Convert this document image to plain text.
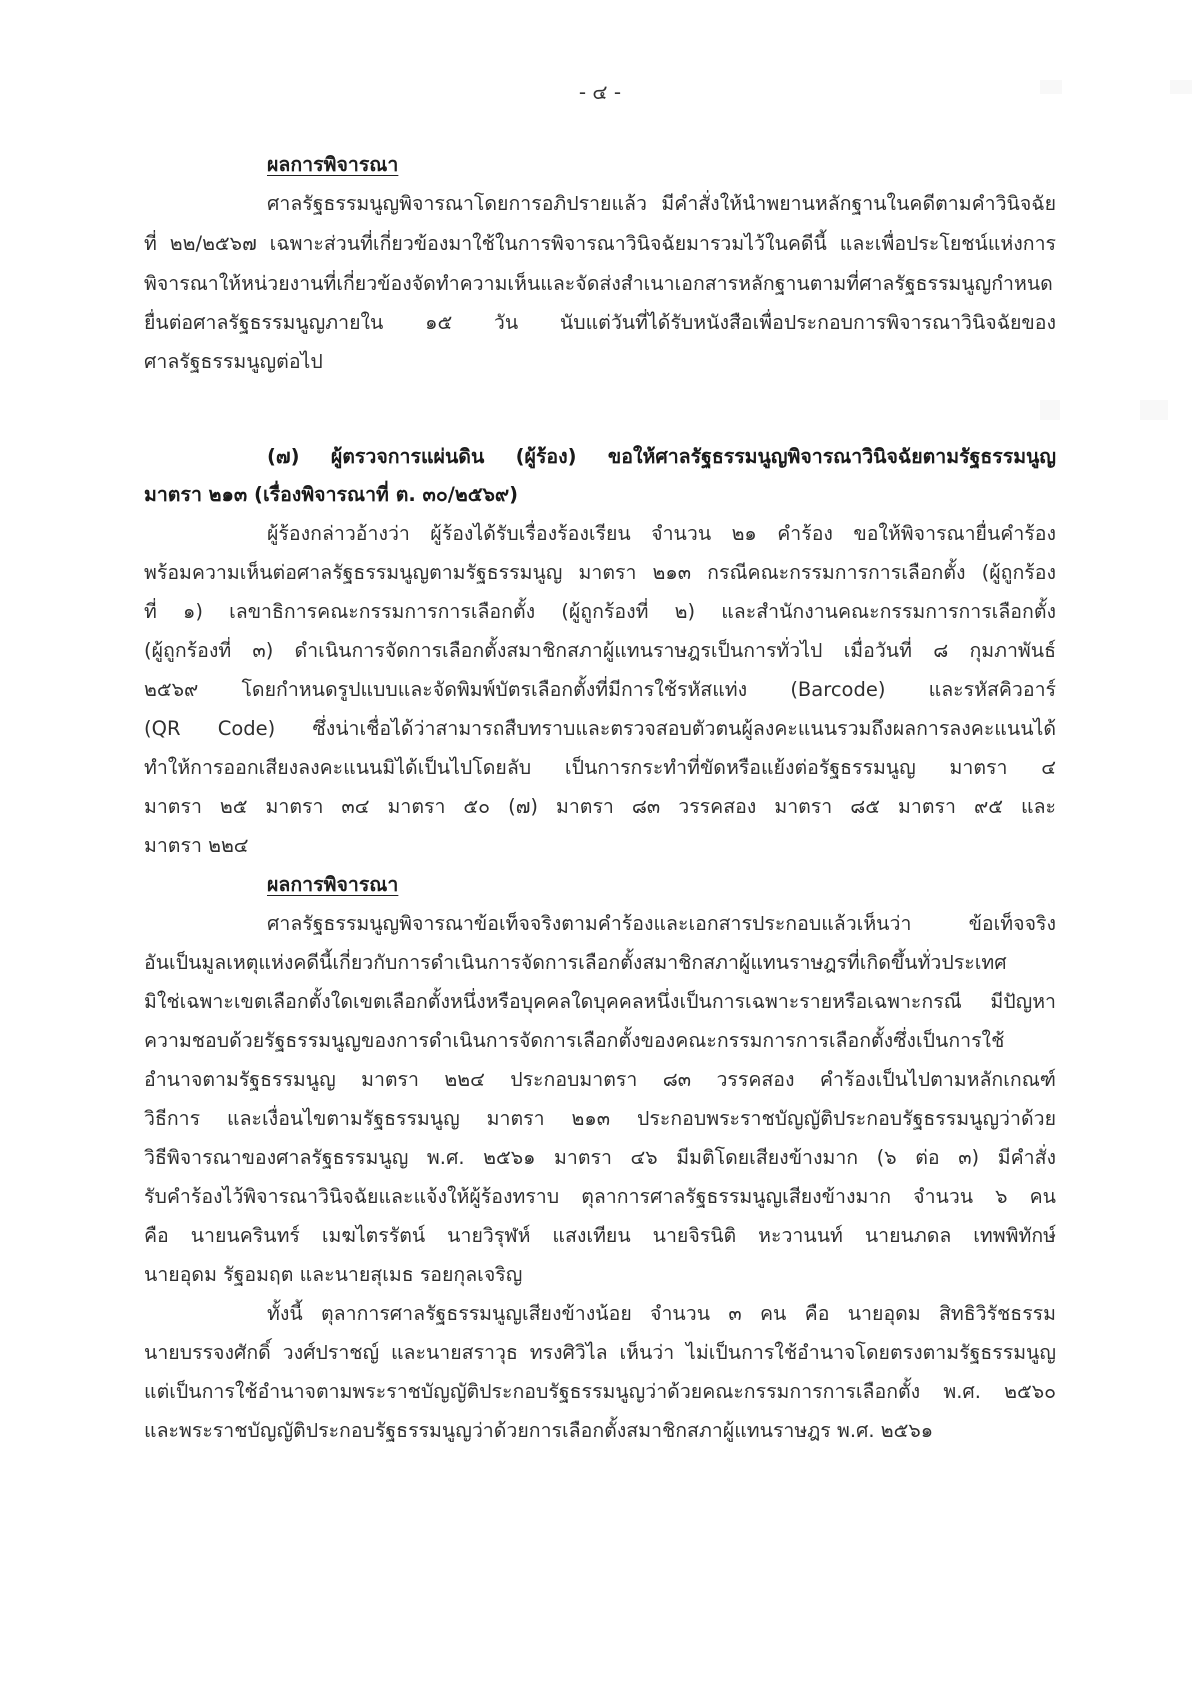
- ๔ -
ผลการพิจารณา
ศาลรัฐธรรมนูญพิจารณาโดยการอภิปรายแล้ว มีคำสั่งให้นำพยานหลักฐานในคดีตามคำวินิจฉัย
ที่ ๒๒/๒๕๖๗ เฉพาะส่วนที่เกี่ยวข้องมาใช้ในการพิจารณาวินิจฉัยมารวมไว้ในคดีนี้ และเพื่อประโยชน์แห่งการ
พิจารณาให้หน่วยงานที่เกี่ยวข้องจัดทำความเห็นและจัดส่งสำเนาเอกสารหลักฐานตามที่ศาลรัฐธรรมนูญกำหนด
ยื่นต่อศาลรัฐธรรมนูญภายใน ๑๕ วัน นับแต่วันที่ได้รับหนังสือเพื่อประกอบการพิจารณาวินิจฉัยของ
ศาลรัฐธรรมนูญต่อไป
(๗) ผู้ตรวจการแผ่นดิน (ผู้ร้อง) ขอให้ศาลรัฐธรรมนูญพิจารณาวินิจฉัยตามรัฐธรรมนูญ
มาตรา ๒๑๓ (เรื่องพิจารณาที่ ต. ๓๐/๒๕๖๙)
ผู้ร้องกล่าวอ้างว่า ผู้ร้องได้รับเรื่องร้องเรียน จำนวน ๒๑ คำร้อง ขอให้พิจารณายื่นคำร้อง
พร้อมความเห็นต่อศาลรัฐธรรมนูญตามรัฐธรรมนูญ มาตรา ๒๑๓ กรณีคณะกรรมการการเลือกตั้ง (ผู้ถูกร้อง
ที่ ๑) เลขาธิการคณะกรรมการการเลือกตั้ง (ผู้ถูกร้องที่ ๒) และสำนักงานคณะกรรมการการเลือกตั้ง
(ผู้ถูกร้องที่ ๓) ดำเนินการจัดการเลือกตั้งสมาชิกสภาผู้แทนราษฎรเป็นการทั่วไป เมื่อวันที่ ๘ กุมภาพันธ์
๒๕๖๙ โดยกำหนดรูปแบบและจัดพิมพ์บัตรเลือกตั้งที่มีการใช้รหัสแท่ง (Barcode) และรหัสคิวอาร์
(QR Code) ซึ่งน่าเชื่อได้ว่าสามารถสืบทราบและตรวจสอบตัวตนผู้ลงคะแนนรวมถึงผลการลงคะแนนได้
ทำให้การออกเสียงลงคะแนนมิได้เป็นไปโดยลับ เป็นการกระทำที่ขัดหรือแย้งต่อรัฐธรรมนูญ มาตรา ๔
มาตรา ๒๕ มาตรา ๓๔ มาตรา ๕๐ (๗) มาตรา ๘๓ วรรคสอง มาตรา ๘๕ มาตรา ๙๕ และ
มาตรา ๒๒๔
ผลการพิจารณา
ศาลรัฐธรรมนูญพิจารณาข้อเท็จจริงตามคำร้องและเอกสารประกอบแล้วเห็นว่า ข้อเท็จจริง
อันเป็นมูลเหตุแห่งคดีนี้เกี่ยวกับการดำเนินการจัดการเลือกตั้งสมาชิกสภาผู้แทนราษฎรที่เกิดขึ้นทั่วประเทศ
มิใช่เฉพาะเขตเลือกตั้งใดเขตเลือกตั้งหนึ่งหรือบุคคลใดบุคคลหนึ่งเป็นการเฉพาะรายหรือเฉพาะกรณี มีปัญหา
ความชอบด้วยรัฐธรรมนูญของการดำเนินการจัดการเลือกตั้งของคณะกรรมการการเลือกตั้งซึ่งเป็นการใช้
อำนาจตามรัฐธรรมนูญ มาตรา ๒๒๔ ประกอบมาตรา ๘๓ วรรคสอง คำร้องเป็นไปตามหลักเกณฑ์
วิธีการ และเงื่อนไขตามรัฐธรรมนูญ มาตรา ๒๑๓ ประกอบพระราชบัญญัติประกอบรัฐธรรมนูญว่าด้วย
วิธีพิจารณาของศาลรัฐธรรมนูญ พ.ศ. ๒๕๖๑ มาตรา ๔๖ มีมติโดยเสียงข้างมาก (๖ ต่อ ๓) มีคำสั่ง
รับคำร้องไว้พิจารณาวินิจฉัยและแจ้งให้ผู้ร้องทราบ ตุลาการศาลรัฐธรรมนูญเสียงข้างมาก จำนวน ๖ คน
คือ นายนครินทร์ เมฆไตรรัตน์ นายวิรุฬห์ แสงเทียน นายจิรนิติ หะวานนท์ นายนภดล เทพพิทักษ์
นายอุดม รัฐอมฤต และนายสุเมธ รอยกุลเจริญ
ทั้งนี้ ตุลาการศาลรัฐธรรมนูญเสียงข้างน้อย จำนวน ๓ คน คือ นายอุดม สิทธิวิรัชธรรม
นายบรรจงศักดิ์ วงศ์ปราชญ์ และนายสราวุธ ทรงศิวิไล เห็นว่า ไม่เป็นการใช้อำนาจโดยตรงตามรัฐธรรมนูญ
แต่เป็นการใช้อำนาจตามพระราชบัญญัติประกอบรัฐธรรมนูญว่าด้วยคณะกรรมการการเลือกตั้ง พ.ศ. ๒๕๖๐
และพระราชบัญญัติประกอบรัฐธรรมนูญว่าด้วยการเลือกตั้งสมาชิกสภาผู้แทนราษฎร พ.ศ. ๒๕๖๑
